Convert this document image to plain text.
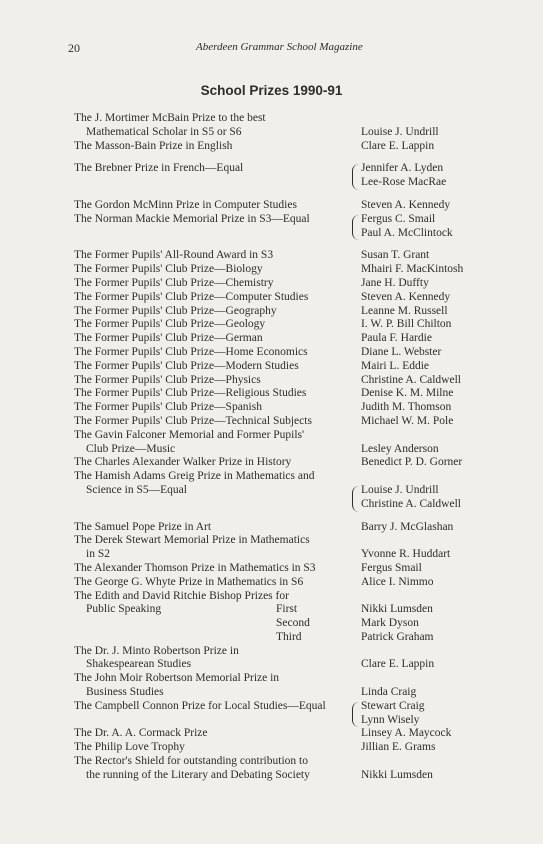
20	Aberdeen Grammar School Magazine
School Prizes 1990-91
The J. Mortimer McBain Prize to the best
Mathematical Scholar in S5 or S6	Louise J. Undrill
The Masson-Bain Prize in English	Clare E. Lappin
The Brebner Prize in French—Equal	Jennifer A. Lyden
Lee-Rose MacRae
The Gordon McMinn Prize in Computer Studies	Steven A. Kennedy
The Norman Mackie Memorial Prize in S3—Equal	Fergus C. Smail
Paul A. McClintock
The Former Pupils' All-Round Award in S3	Susan T. Grant
The Former Pupils' Club Prize—Biology	Mhairi F. MacKintosh
The Former Pupils' Club Prize—Chemistry	Jane H. Duffty
The Former Pupils' Club Prize—Computer Studies	Steven A. Kennedy
The Former Pupils' Club Prize—Geography	Leanne M. Russell
The Former Pupils' Club Prize—Geology	I. W. P. Bill Chilton
The Former Pupils' Club Prize—German	Paula F. Hardie
The Former Pupils' Club Prize—Home Economics	Diane L. Webster
The Former Pupils' Club Prize—Modern Studies	Mairi L. Eddie
The Former Pupils' Club Prize—Physics	Christine A. Caldwell
The Former Pupils' Club Prize—Religious Studies	Denise K. M. Milne
The Former Pupils' Club Prize—Spanish	Judith M. Thomson
The Former Pupils' Club Prize—Technical Subjects	Michael W. M. Pole
The Gavin Falconer Memorial and Former Pupils'
Club Prize—Music	Lesley Anderson
The Charles Alexander Walker Prize in History	Benedict P. D. Gorner
The Hamish Adams Greig Prize in Mathematics and
Science in S5—Equal	Louise J. Undrill
Christine A. Caldwell
The Samuel Pope Prize in Art	Barry J. McGlashan
The Derek Stewart Memorial Prize in Mathematics
in S2	Yvonne R. Huddart
The Alexander Thomson Prize in Mathematics in S3	Fergus Smail
The George G. Whyte Prize in Mathematics in S6	Alice I. Nimmo
The Edith and David Ritchie Bishop Prizes for
Public Speaking	First	Nikki Lumsden
Second	Mark Dyson
Third	Patrick Graham
The Dr. J. Minto Robertson Prize in
Shakespearean Studies	Clare E. Lappin
The John Moir Robertson Memorial Prize in
Business Studies	Linda Craig
The Campbell Connon Prize for Local Studies—Equal	Stewart Craig
Lynn Wisely
The Dr. A. A. Cormack Prize	Linsey A. Maycock
The Philip Love Trophy	Jillian E. Grams
The Rector's Shield for outstanding contribution to
the running of the Literary and Debating Society	Nikki Lumsden
